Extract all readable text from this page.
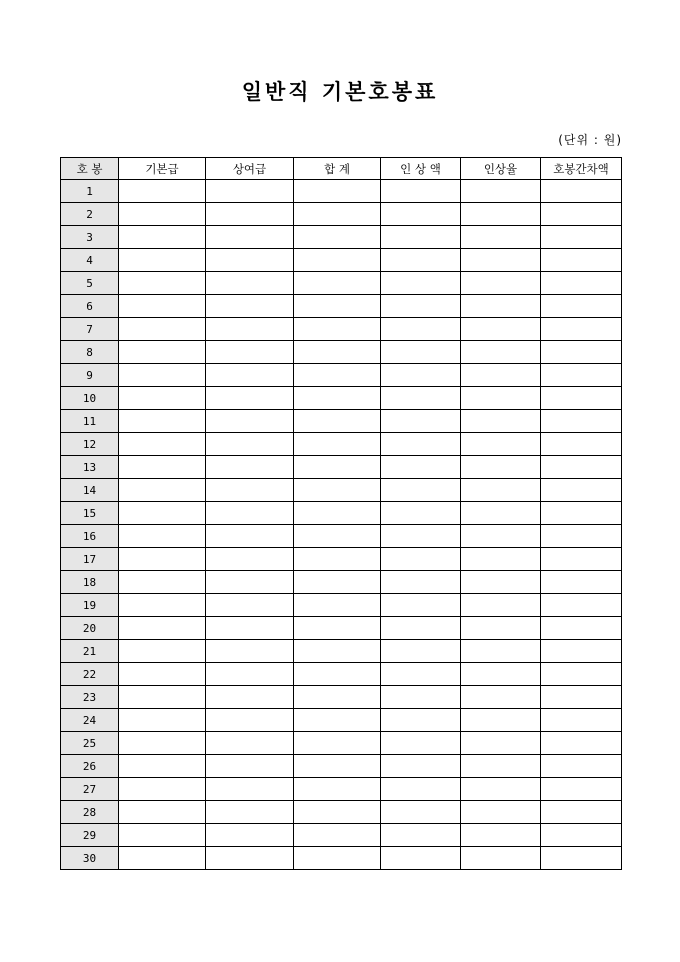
일반직 기본호봉표
(단위 : 원)
호 봉	기본급	상여급	합 계	인 상 액	인상율	호봉간차액
1						
2						
3						
4						
5						
6						
7						
8						
9						
10						
11						
12						
13						
14						
15						
16						
17						
18						
19						
20						
21						
22						
23						
24						
25						
26						
27						
28						
29						
30						
